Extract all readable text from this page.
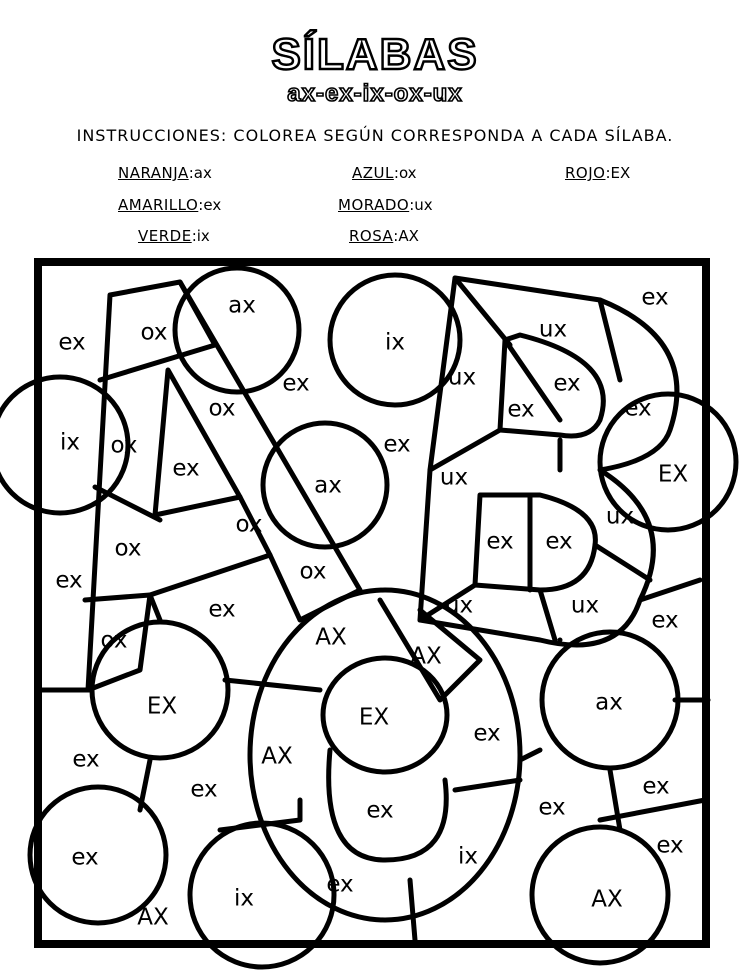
SÍLABAS
ax-ex-ix-ox-ux
INSTRUCCIONES: COLOREA SEGÚN CORRESPONDA A CADA SÍLABA.
NARANJA:ax
AMARILLO:ex
VERDE:ix
AZUL:ox
MORADO:ux
ROSA:AX
ROJO:EX
ex ox
ax	ex
ix	ux
ex	ex
ox
ux
ex
ix ox	ex
ax
ex
ex
ux	EX
ox	ux
ex
ox	ex
ex
ex
ox
ox	AX
AX
ux	ux
ex
EX	EX
ax
AX
ex
ex
ex	ex
ex	ex
ex
ex	ix
AX
ex
AX
ix
